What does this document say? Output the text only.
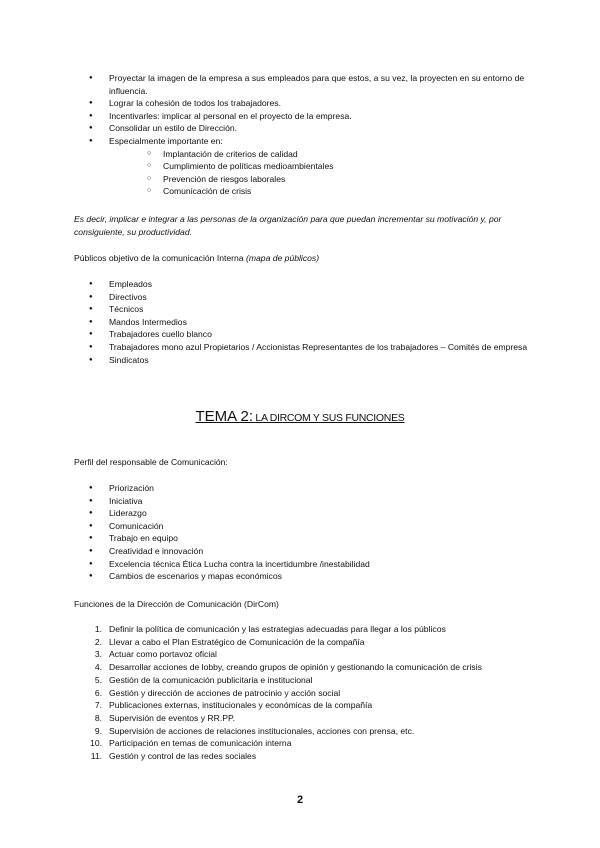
● Proyectar la imagen de la empresa a sus empleados para que estos, a su vez, la proyecten en su entorno de influencia.
● Lograr la cohesión de todos los trabajadores.
● Incentivarles: implicar al personal en el proyecto de la empresa.
● Consolidar un estilo de Dirección.
● Especialmente importante en:
○ Implantación de criterios de calidad
○ Cumplimiento de políticas medioambientales
○ Prevención de riesgos laborales
○ Comunicación de crisis

Es decir, implicar e integrar a las personas de la organización para que puedan incrementar su motivación y, por consiguiente, su productividad.

Públicos objetivo de la comunicación Interna (mapa de públicos)

● Empleados
● Directivos
● Técnicos
● Mandos Intermedios
● Trabajadores cuello blanco
● Trabajadores mono azul Propietarios / Accionistas Representantes de los trabajadores – Comités de empresa
● Sindicatos
TEMA 2: LA DIRCOM Y SUS FUNCIONES

Perfil del responsable de Comunicación:

● Priorización
● Iniciativa
● Liderazgo
● Comunicación
● Trabajo en equipo
● Creatividad e innovación
● Excelencia técnica Ética Lucha contra la incertidumbre /inestabilidad
● Cambios de escenarios y mapas económicos

Funciones de la Dirección de Comunicación (DirCom)

1. Definir la política de comunicación y las estrategias adecuadas para llegar a los públicos
2. Llevar a cabo el Plan Estratégico de Comunicación de la compañía
3. Actuar como portavoz oficial
4. Desarrollar acciones de lobby, creando grupos de opinión y gestionando la comunicación de crisis
5. Gestión de la comunicación publicitaria e institucional
6. Gestión y dirección de acciones de patrocinio y acción social
7. Publicaciones externas, institucionales y económicas de la compañía
8. Supervisión de eventos y RR.PP.
9. Supervisión de acciones de relaciones institucionales, acciones con prensa, etc.
10. Participación en temas de comunicación interna
11. Gestión y control de las redes sociales
2
